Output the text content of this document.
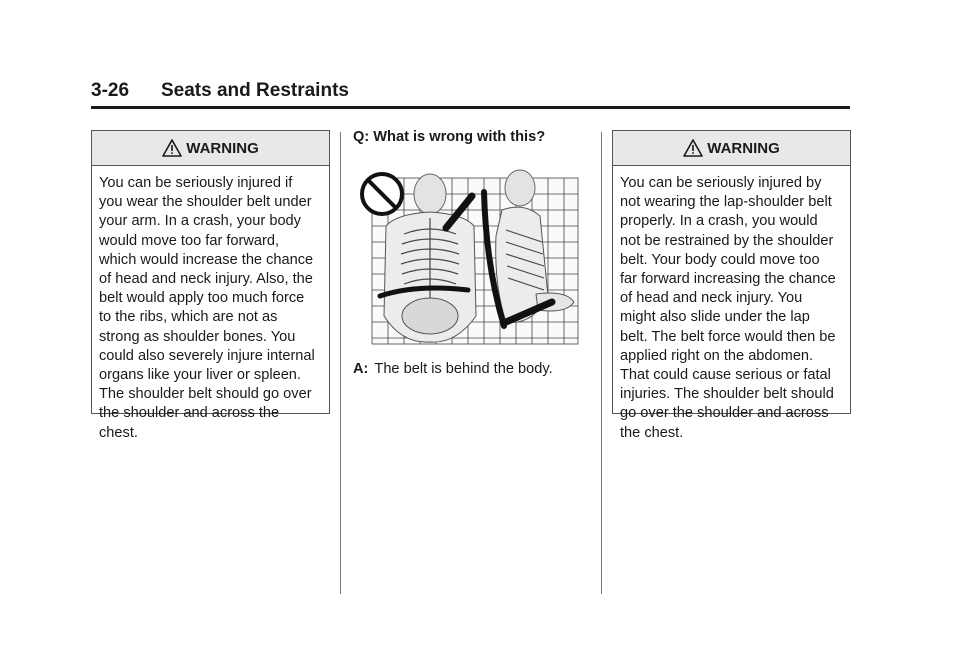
3-26 Seats and Restraints
WARNING
You can be seriously injured if
you wear the shoulder belt under
your arm. In a crash, your body
would move too far forward,
which would increase the chance
of head and neck injury. Also, the
belt would apply too much force
to the ribs, which are not as
strong as shoulder bones. You
could also severely injure internal
organs like your liver or spleen.
The shoulder belt should go over
the shoulder and across the
chest.
Q: What is wrong with this?
A: The belt is behind the body.
WARNING
You can be seriously injured by
not wearing the lap-shoulder belt
properly. In a crash, you would
not be restrained by the shoulder
belt. Your body could move too
far forward increasing the chance
of head and neck injury. You
might also slide under the lap
belt. The belt force would then be
applied right on the abdomen.
That could cause serious or fatal
injuries. The shoulder belt should
go over the shoulder and across
the chest.
